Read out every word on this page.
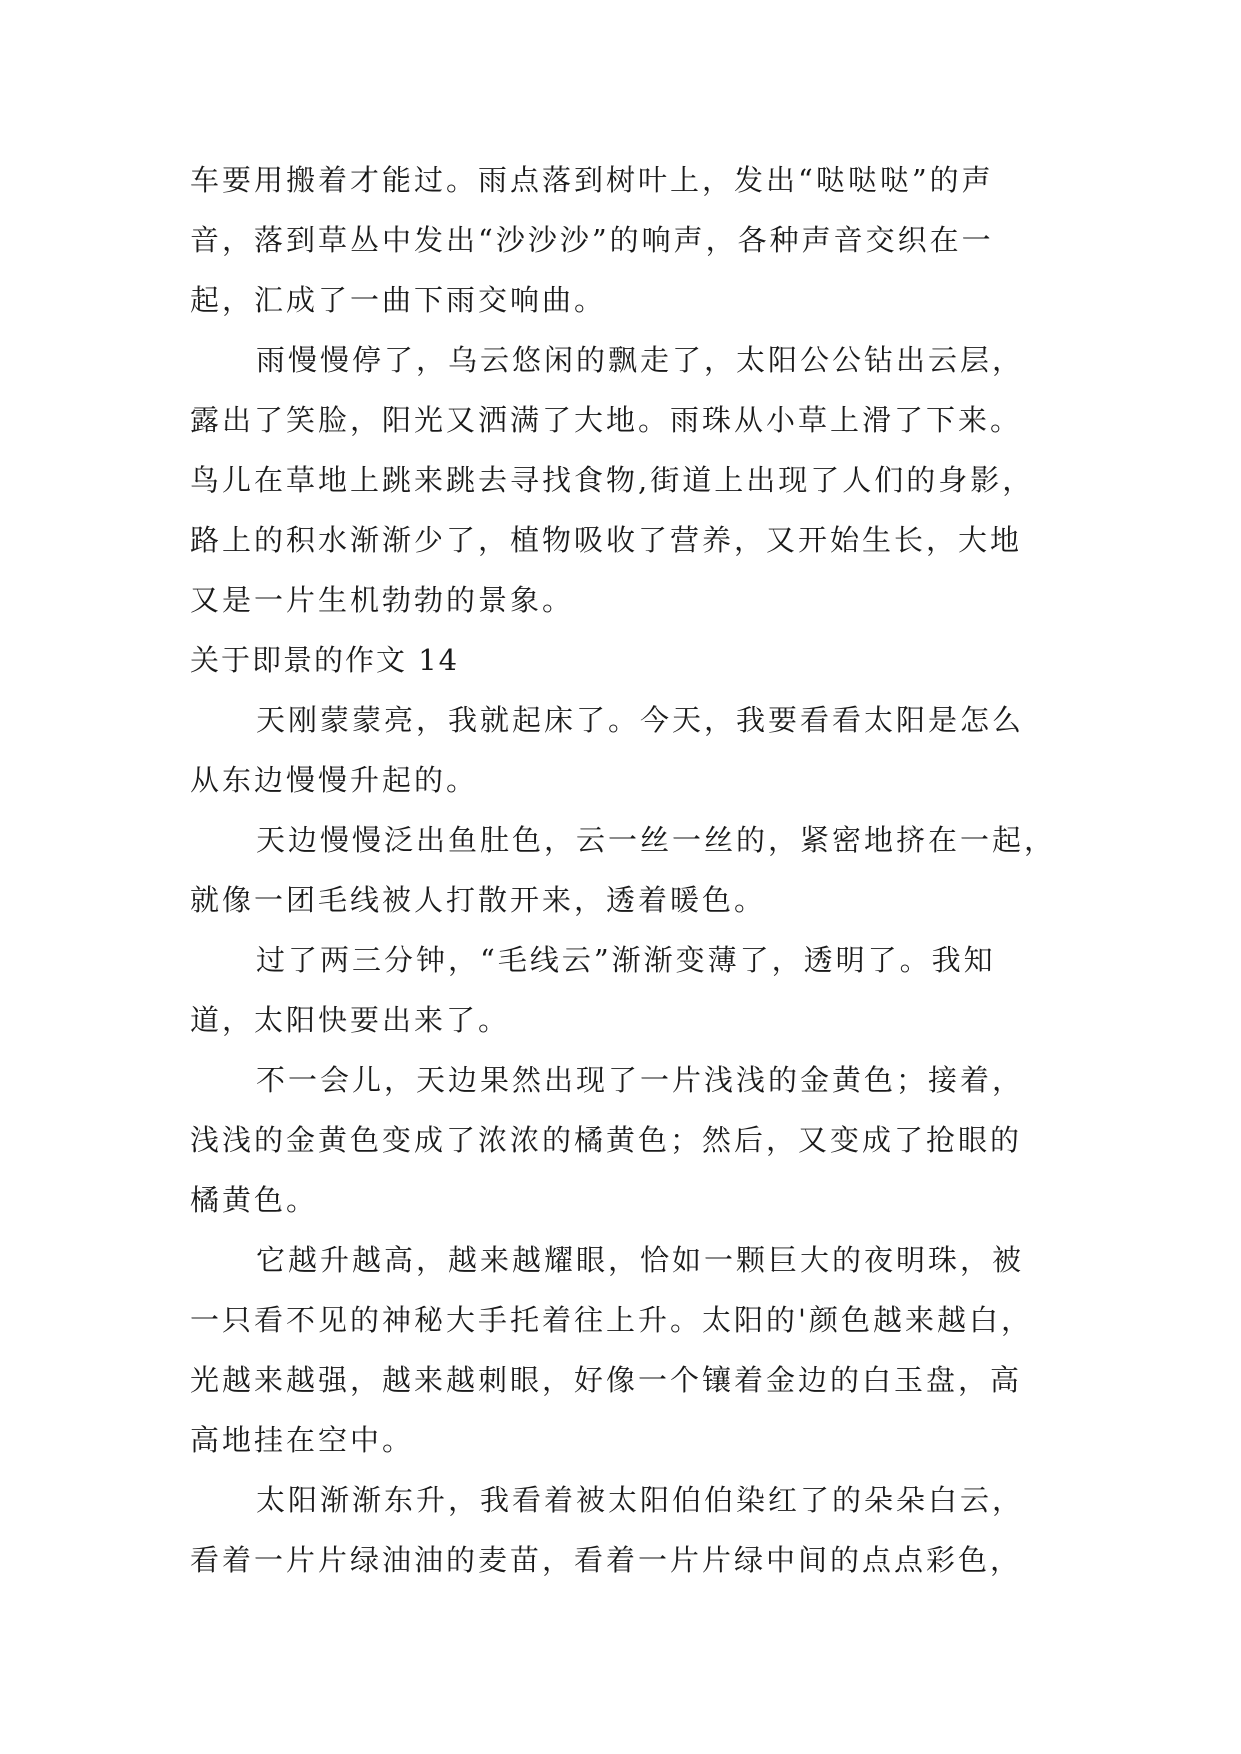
车要用搬着才能过。雨点落到树叶上，发出“哒哒哒”的声
音，落到草丛中发出“沙沙沙”的响声，各种声音交织在一
起，汇成了一曲下雨交响曲。
雨慢慢停了，乌云悠闲的飘走了，太阳公公钻出云层，
露出了笑脸，阳光又洒满了大地。雨珠从小草上滑了下来。
鸟儿在草地上跳来跳去寻找食物,街道上出现了人们的身影，
路上的积水渐渐少了，植物吸收了营养，又开始生长，大地
又是一片生机勃勃的景象。
关于即景的作文 14
天刚蒙蒙亮，我就起床了。今天，我要看看太阳是怎么
从东边慢慢升起的。
天边慢慢泛出鱼肚色，云一丝一丝的，紧密地挤在一起，
就像一团毛线被人打散开来，透着暖色。
过了两三分钟，“毛线云”渐渐变薄了，透明了。我知
道，太阳快要出来了。
不一会儿，天边果然出现了一片浅浅的金黄色；接着，
浅浅的金黄色变成了浓浓的橘黄色；然后，又变成了抢眼的
橘黄色。
它越升越高，越来越耀眼，恰如一颗巨大的夜明珠，被
一只看不见的神秘大手托着往上升。太阳的'颜色越来越白，
光越来越强，越来越刺眼，好像一个镶着金边的白玉盘，高
高地挂在空中。
太阳渐渐东升，我看着被太阳伯伯染红了的朵朵白云，
看着一片片绿油油的麦苗，看着一片片绿中间的点点彩色，
